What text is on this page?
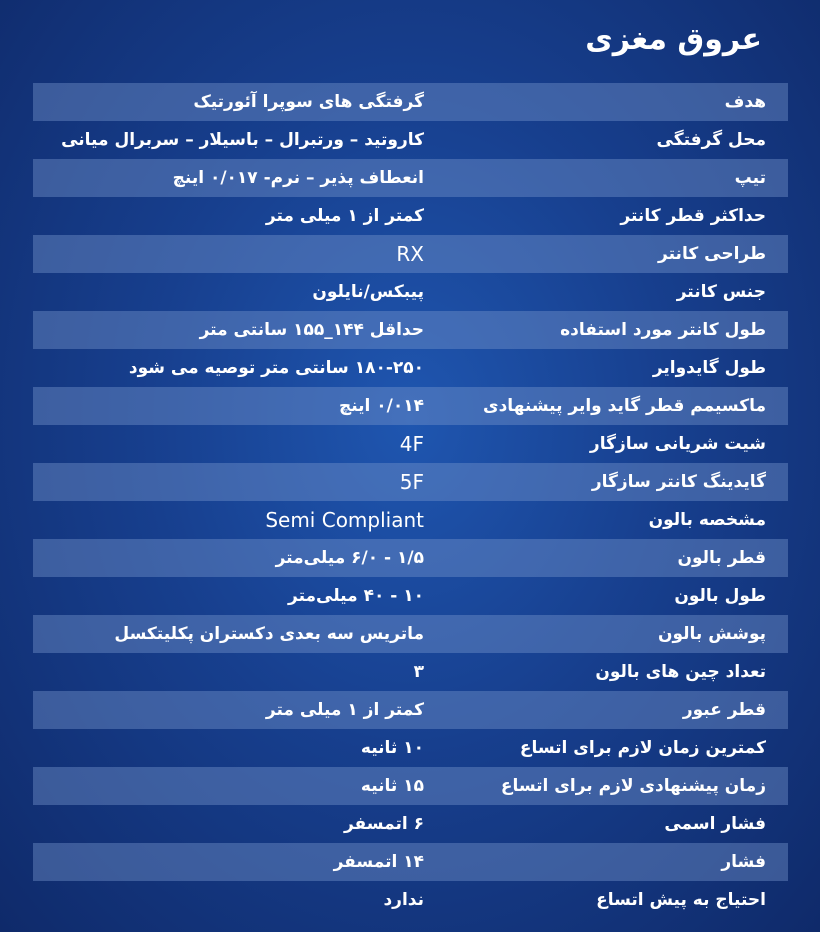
عروق مغزی
هدف
گرفتگی های سوپرا آئورتیک
محل گرفتگی
کاروتید – ورتبرال – باسیلار – سربرال میانی
تیپ
انعطاف پذیر – نرم- ۰/۰۱۷ اینچ
حداکثر قطر کانتر
کمتر از ۱ میلی متر
طراحی کانتر
RX
جنس کانتر
پیبکس/نایلون
طول کانتر مورد استفاده
حداقل ۱۴۴_۱۵۵ سانتی متر
طول گایدوایر
۱۸۰-۲۵۰ سانتی متر توصیه می شود
ماکسیمم قطر گاید وایر پیشنهادی
۰/۰۱۴ اینچ
شیت شریانی سازگار
4F
گایدینگ کانتر سازگار
5F
مشخصه بالون
Semi Compliant
قطر بالون
۱/۵ - ۶/۰ میلی‌متر
طول بالون
۱۰ - ۴۰ میلی‌متر
پوشش بالون
ماتریس سه بعدی دکستران پکلیتکسل
تعداد چین های بالون
۳
قطر عبور
کمتر از ۱ میلی متر
کمترین زمان لازم برای اتساع
۱۰ ثانیه
زمان پیشنهادی لازم برای اتساع
۱۵ ثانیه
فشار اسمی
۶ اتمسفر
فشار
۱۴ اتمسفر
احتیاج به پیش اتساع
ندارد
